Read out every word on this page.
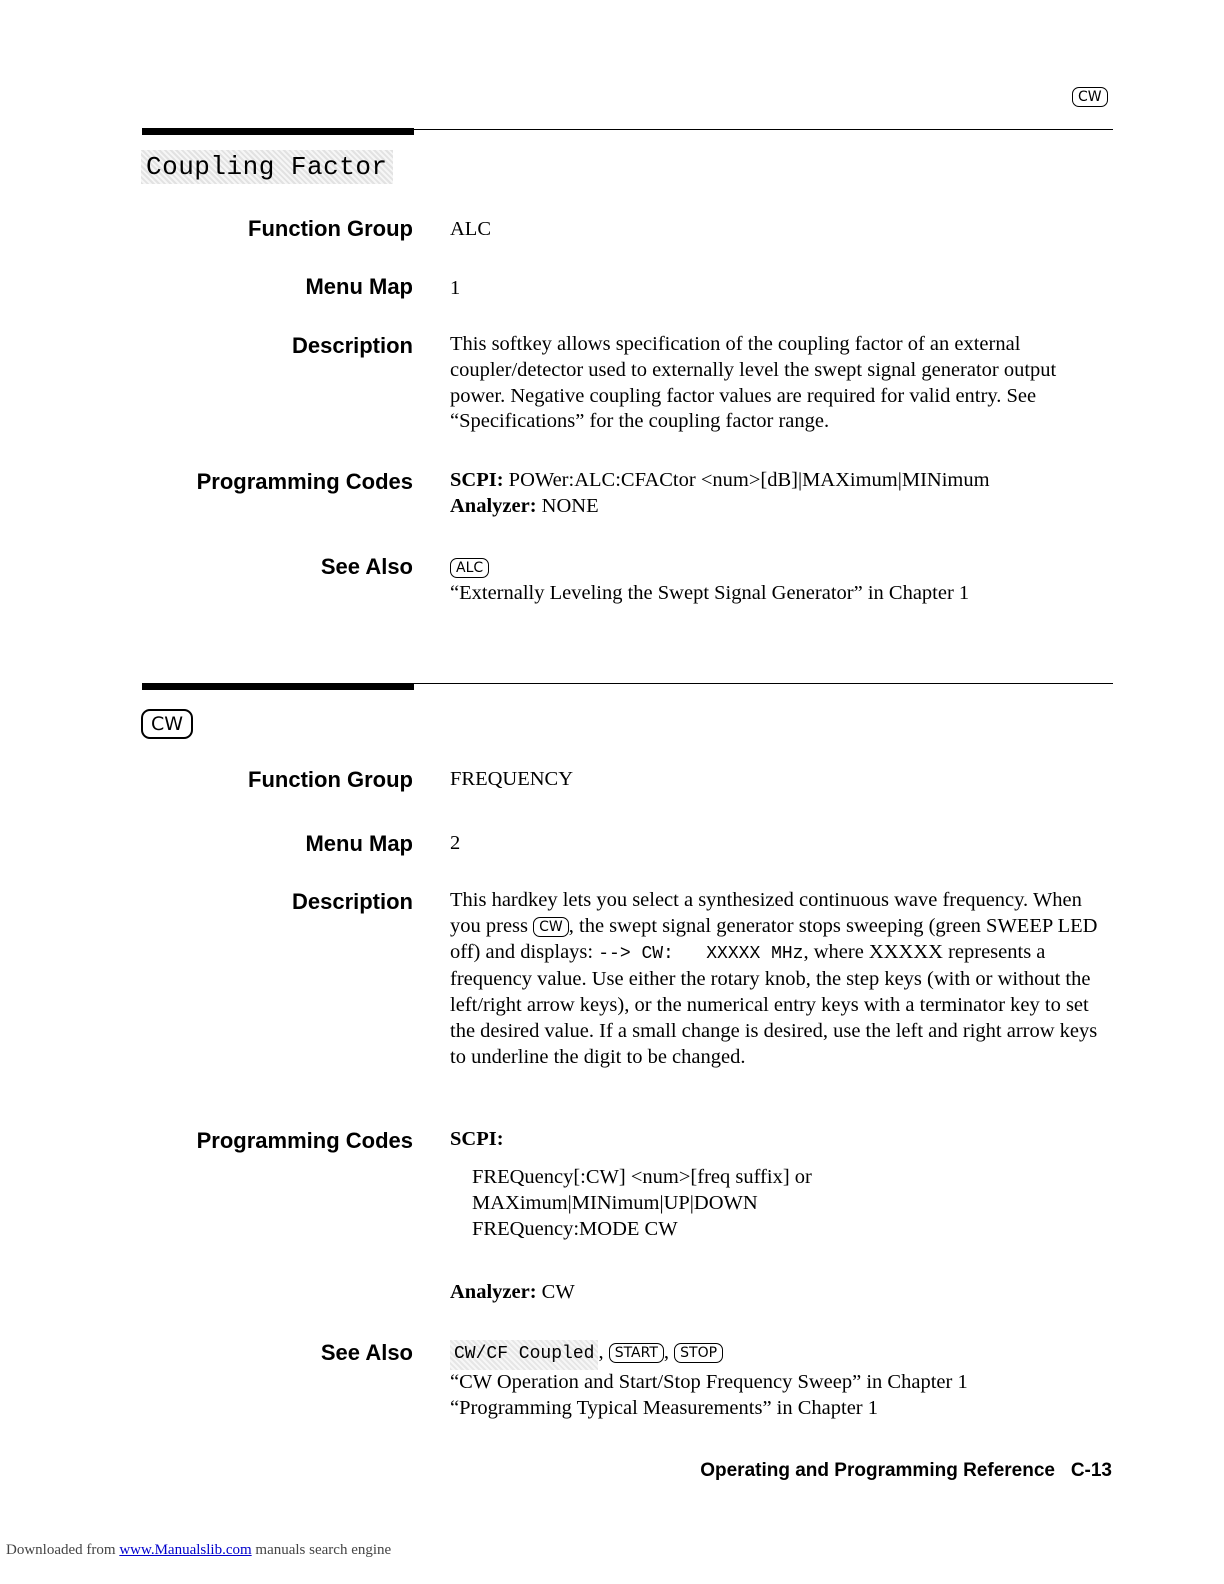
CW
Coupling Factor
Function Group ALC
Menu Map 1
Description This softkey allows specification of the coupling factor of an external coupler/detector used to externally level the swept signal generator output power. Negative coupling factor values are required for valid entry. See “Specifications” for the coupling factor range.
Programming Codes SCPI: POWer:ALC:CFACtor <num>[dB]|MAXimum|MINimum
Analyzer: NONE
See Also	ALC
“Externally Leveling the Swept Signal Generator” in Chapter 1
CW
Function Group FREQUENCY
Menu Map 2
Description This hardkey lets you select a synthesized continuous wave frequency. When you press CW , the swept signal generator stops sweeping (green SWEEP LED off) and displays: --> CW:   XXXXX MHz, where XXXXX represents a frequency value. Use either the rotary knob, the step keys (with or without the left/right arrow keys), or the numerical entry keys with a terminator key to set the desired value. If a small change is desired, use the left and right arrow keys to underline the digit to be changed.
Programming Codes SCPI:
FREQuency[:CW] <num>[freq suffix] or
MAXimum|MINimum|UP|DOWN
FREQuency:MODE CW
Analyzer: CW
See Also CW/CF Coupled , START , STOP
“CW Operation and Start/Stop Frequency Sweep” in Chapter 1
“Programming Typical Measurements” in Chapter 1
Operating and Programming Reference C-13
Downloaded from www.Manualslib.com manuals search engine
